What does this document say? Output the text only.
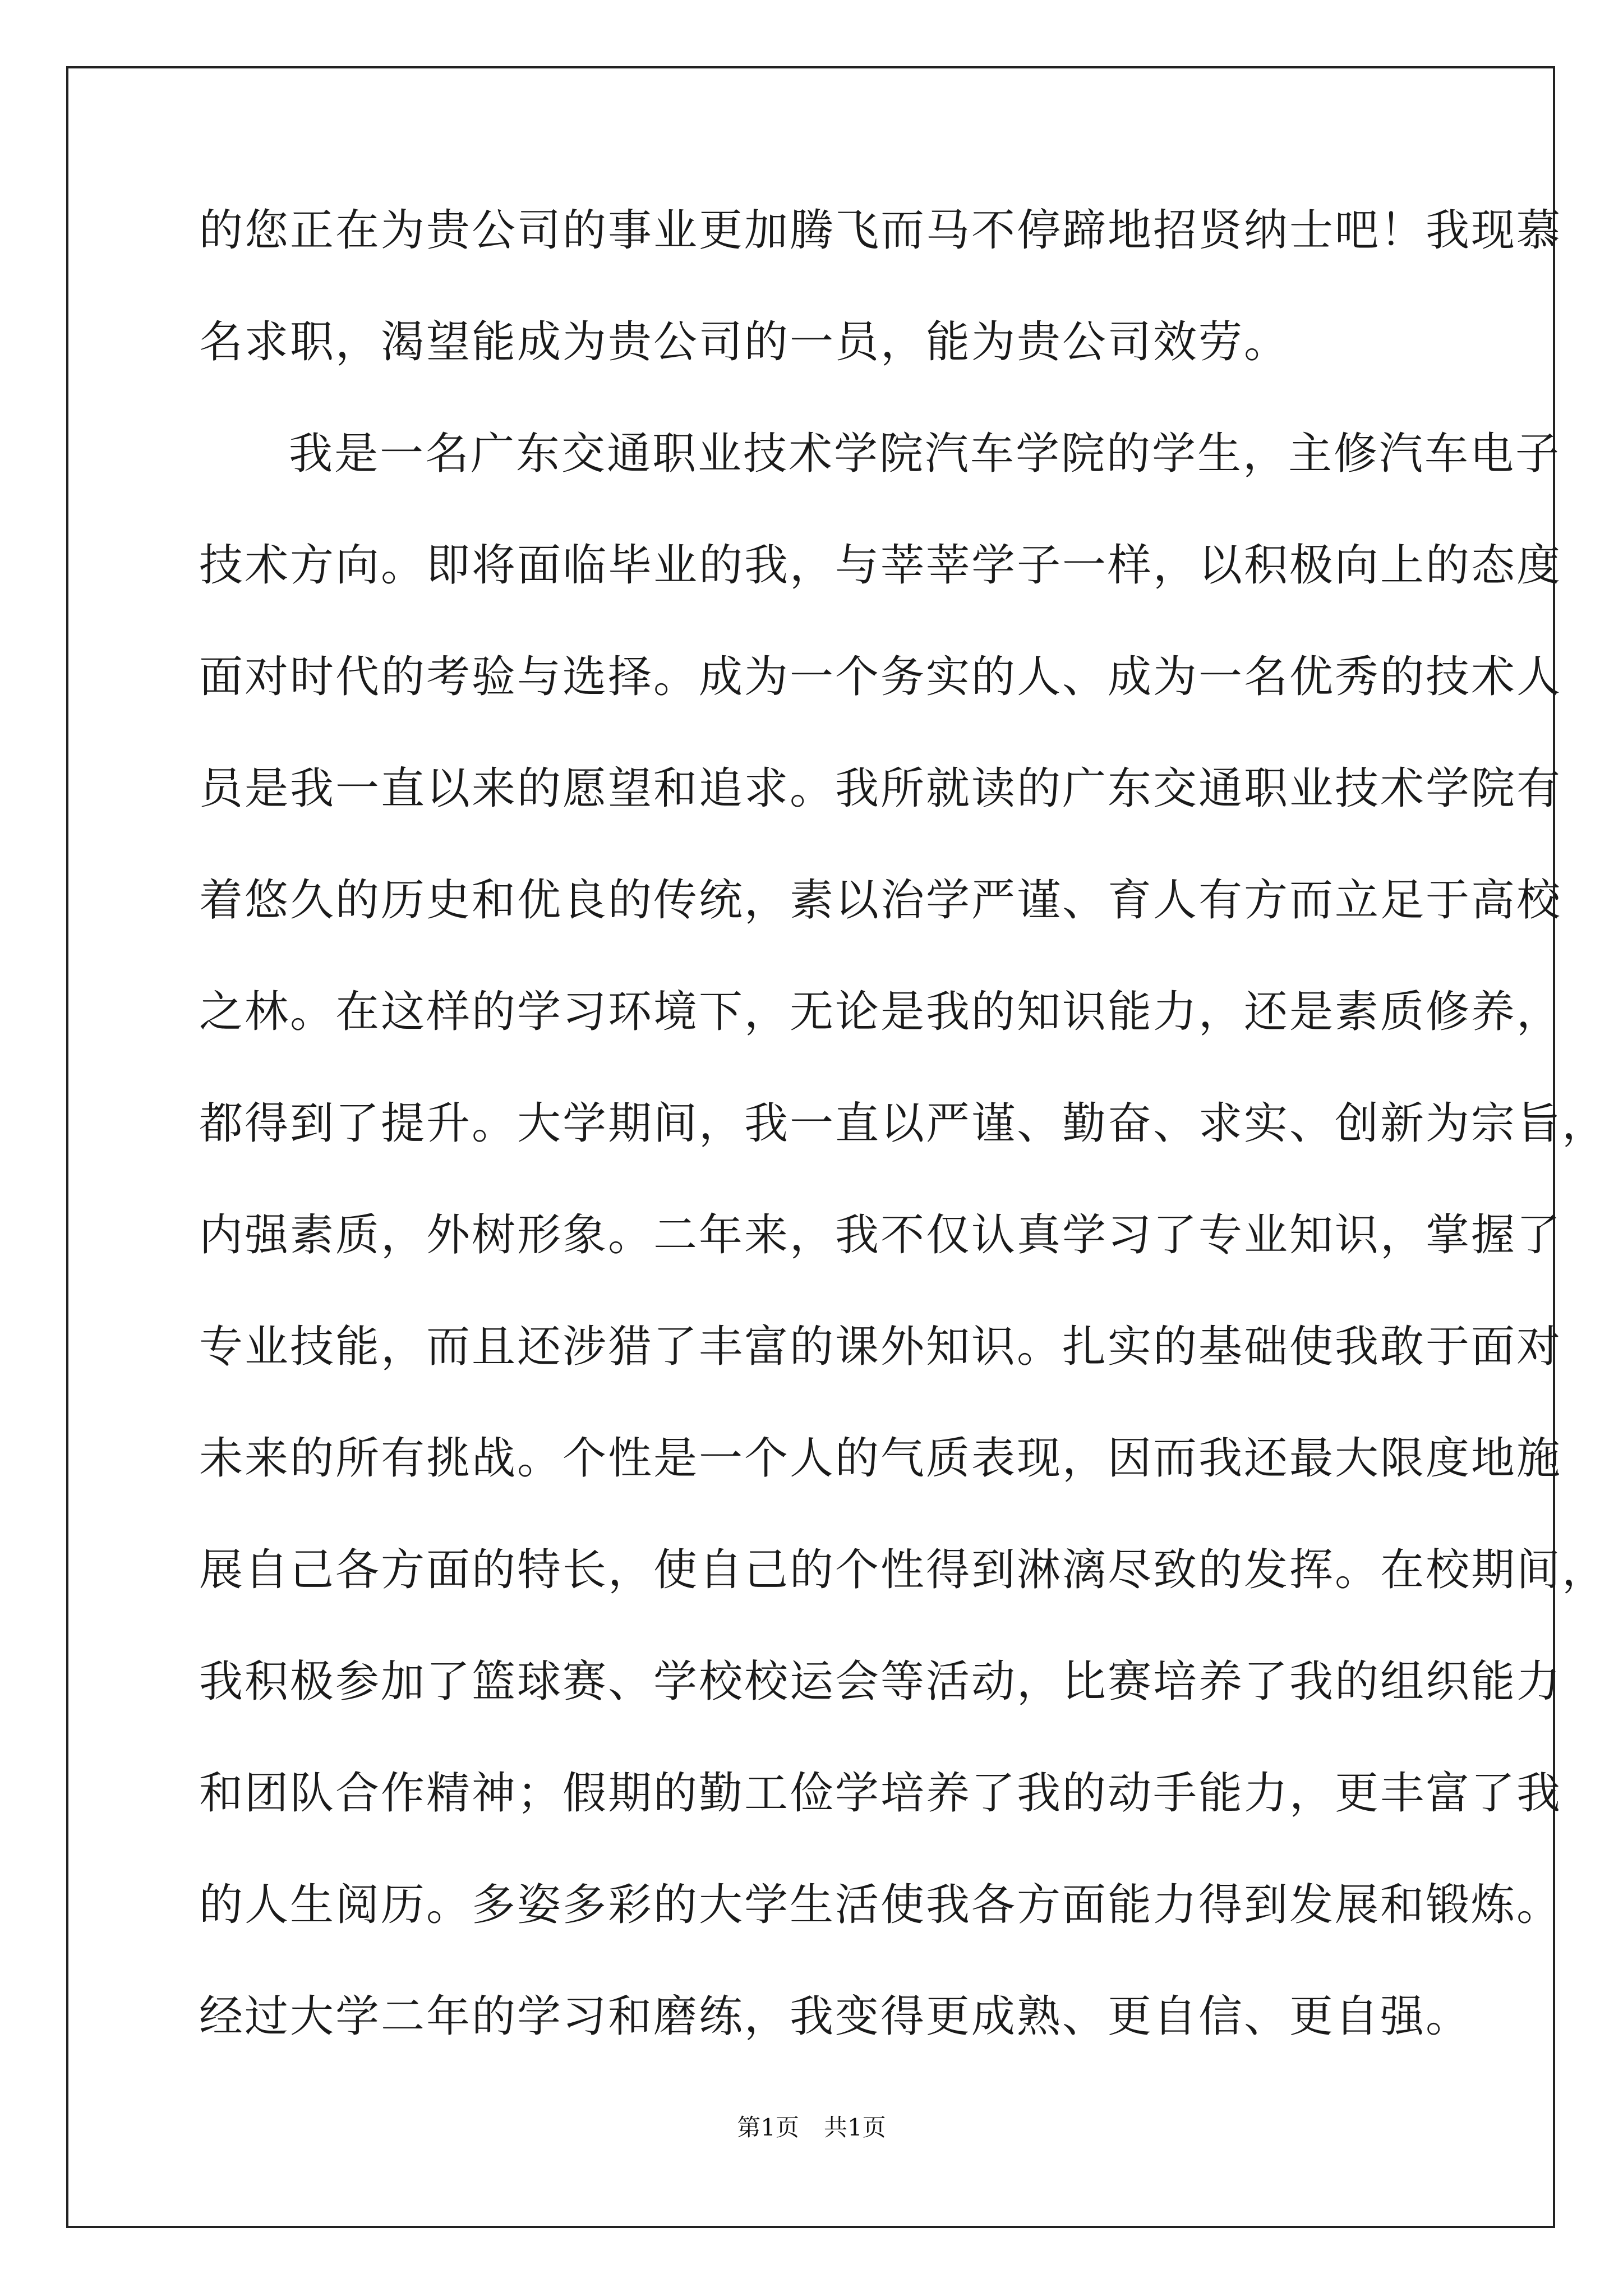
的您正在为贵公司的事业更加腾飞而马不停蹄地招贤纳士吧！我现慕
名求职，渴望能成为贵公司的一员，能为贵公司效劳。
我是一名广东交通职业技术学院汽车学院的学生，主修汽车电子
技术方向。即将面临毕业的我，与莘莘学子一样，以积极向上的态度
面对时代的考验与选择。成为一个务实的人、成为一名优秀的技术人
员是我一直以来的愿望和追求。我所就读的广东交通职业技术学院有
着悠久的历史和优良的传统，素以治学严谨、育人有方而立足于高校
之林。在这样的学习环境下，无论是我的知识能力，还是素质修养，
都得到了提升。大学期间，我一直以严谨、勤奋、求实、创新为宗旨，
内强素质，外树形象。二年来，我不仅认真学习了专业知识，掌握了
专业技能，而且还涉猎了丰富的课外知识。扎实的基础使我敢于面对
未来的所有挑战。个性是一个人的气质表现，因而我还最大限度地施
展自己各方面的特长，使自己的个性得到淋漓尽致的发挥。在校期间，
我积极参加了篮球赛、学校校运会等活动，比赛培养了我的组织能力
和团队合作精神；假期的勤工俭学培养了我的动手能力，更丰富了我
的人生阅历。多姿多彩的大学生活使我各方面能力得到发展和锻炼。
经过大学二年的学习和磨练，我变得更成熟、更自信、更自强。
第1页 共1页
